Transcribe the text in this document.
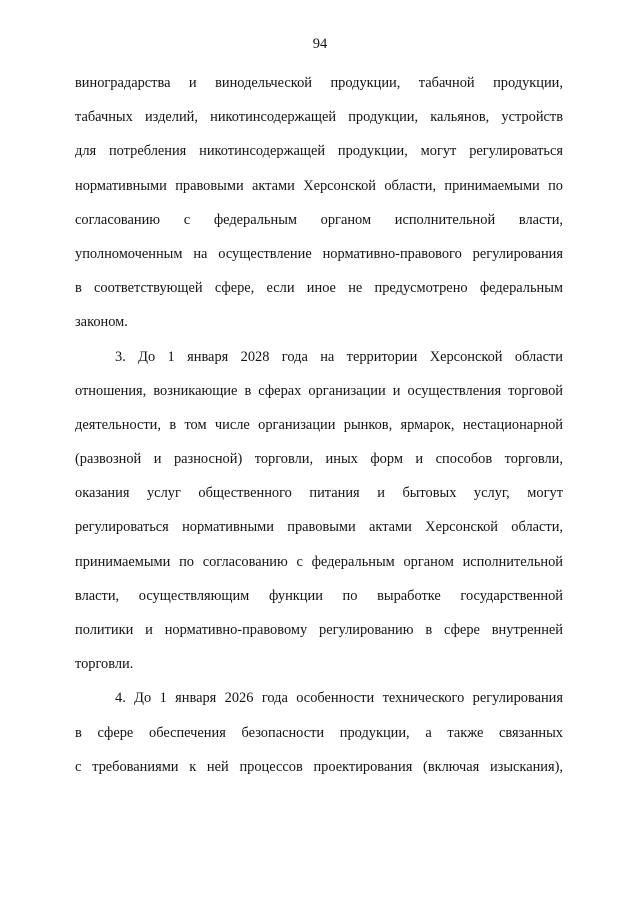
94
виноградарства и винодельческой продукции, табачной продукции,
табачных изделий, никотинсодержащей продукции, кальянов, устройств
для потребления никотинсодержащей продукции, могут регулироваться
нормативными правовыми актами Херсонской области, принимаемыми по
согласованию с федеральным органом исполнительной власти,
уполномоченным на осуществление нормативно-правового регулирования
в соответствующей сфере, если иное не предусмотрено федеральным
законом.
3. До 1 января 2028 года на территории Херсонской области
отношения, возникающие в сферах организации и осуществления торговой
деятельности, в том числе организации рынков, ярмарок, нестационарной
(развозной и разносной) торговли, иных форм и способов торговли,
оказания услуг общественного питания и бытовых услуг, могут
регулироваться нормативными правовыми актами Херсонской области,
принимаемыми по согласованию с федеральным органом исполнительной
власти, осуществляющим функции по выработке государственной
политики и нормативно-правовому регулированию в сфере внутренней
торговли.
4. До 1 января 2026 года особенности технического регулирования
в сфере обеспечения безопасности продукции, а также связанных
с требованиями к ней процессов проектирования (включая изыскания),
